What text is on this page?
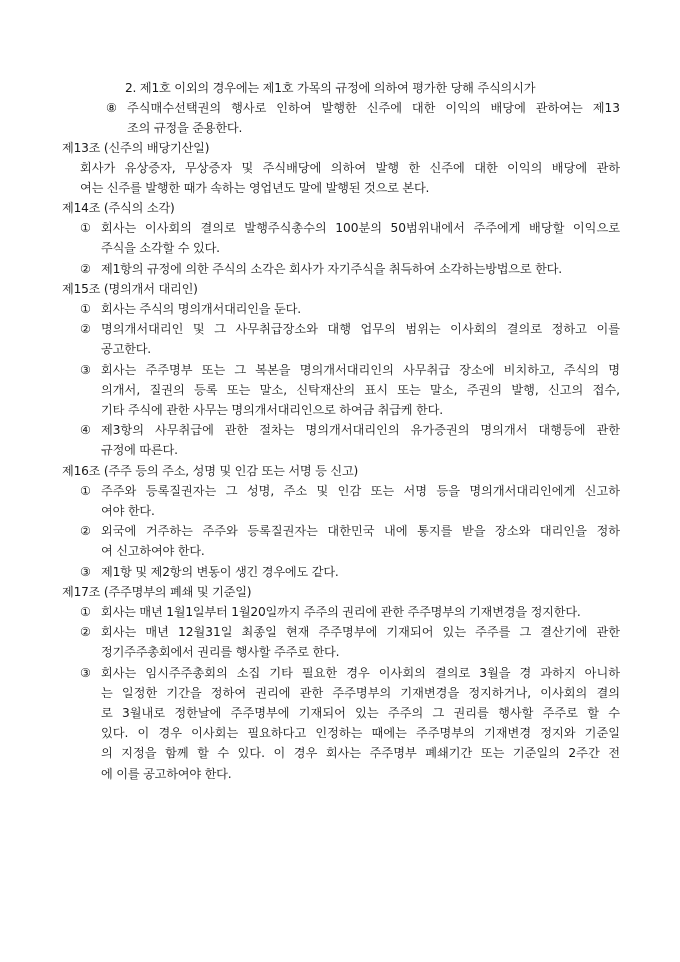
2. 제1호 이외의 경우에는 제1호 가목의 규정에 의하여 평가한 당해 주식의시가
⑧ 주식매수선택권의 행사로 인하여 발행한 신주에 대한 이익의 배당에 관하여는 제13
조의 규정을 준용한다.
제13조 (신주의 배당기산일)
회사가 유상증자, 무상증자 및 주식배당에 의하여 발행 한 신주에 대한 이익의 배당에 관하
여는 신주를 발행한 때가 속하는 영업년도 말에 발행된 것으로 본다.
제14조 (주식의 소각)
① 회사는 이사회의 결의로 발행주식총수의 100분의 50범위내에서 주주에게 배당할 이익으로
주식을 소각할 수 있다.
② 제1항의 규정에 의한 주식의 소각은 회사가 자기주식을 취득하여 소각하는방법으로 한다.
제15조 (명의개서 대리인)
① 회사는 주식의 명의개서대리인을 둔다.
② 명의개서대리인 및 그 사무취급장소와 대행 업무의 범위는 이사회의 결의로 정하고 이를
공고한다.
③ 회사는 주주명부 또는 그 복본을 명의개서대리인의 사무취급 장소에 비치하고, 주식의 명
의개서, 질권의 등록 또는 말소, 신탁재산의 표시 또는 말소, 주권의 발행, 신고의 접수,
기타 주식에 관한 사무는 명의개서대리인으로 하여금 취급케 한다.
④ 제3항의 사무취급에 관한 절차는 명의개서대리인의 유가증권의 명의개서 대행등에 관한
규정에 따른다.
제16조 (주주 등의 주소, 성명 및 인감 또는 서명 등 신고)
① 주주와 등록질권자는 그 성명, 주소 및 인감 또는 서명 등을 명의개서대리인에게 신고하
여야 한다.
② 외국에 거주하는 주주와 등록질권자는 대한민국 내에 통지를 받을 장소와 대리인을 정하
여 신고하여야 한다.
③ 제1항 및 제2항의 변동이 생긴 경우에도 같다.
제17조 (주주명부의 폐쇄 및 기준일)
① 회사는 매년 1월1일부터 1월20일까지 주주의 권리에 관한 주주명부의 기재변경을 정지한다.
② 회사는 매년 12월31일 최종일 현재 주주명부에 기재되어 있는 주주를 그 결산기에 관한
정기주주총회에서 권리를 행사할 주주로 한다.
③ 회사는 임시주주총회의 소집 기타 필요한 경우 이사회의 결의로 3월을 경 과하지 아니하
는 일정한 기간을 정하여 권리에 관한 주주명부의 기재변경을 정지하거나, 이사회의 결의
로 3월내로 정한날에 주주명부에 기재되어 있는 주주의 그 권리를 행사할 주주로 할 수
있다. 이 경우 이사회는 필요하다고 인정하는 때에는 주주명부의 기재변경 정지와 기준일
의 지정을 함께 할 수 있다. 이 경우 회사는 주주명부 폐쇄기간 또는 기준일의 2주간 전
에 이를 공고하여야 한다.
